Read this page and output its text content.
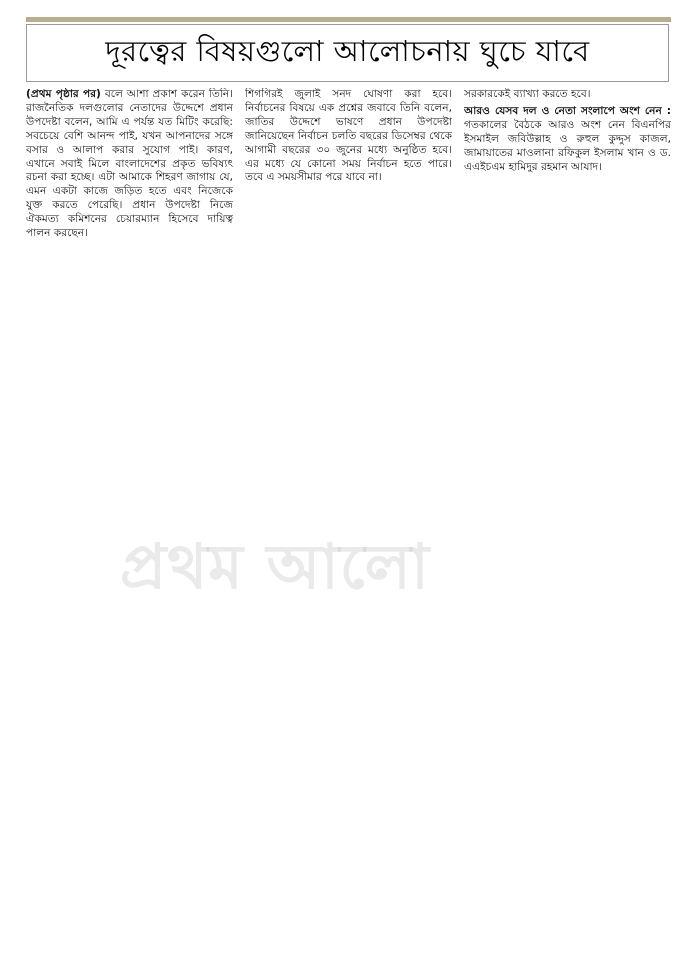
দূরত্বের বিষয়গুলো আলোচনায় ঘুচে যাবে

(প্রথম পৃষ্ঠার পর) বলে আশা প্রকাশ করেন তিনি। রাজনৈতিক দলগুলোর নেতাদের উদ্দেশে প্রধান উপদেষ্টা বলেন, আমি এ পর্যন্ত যত মিটিং করেছি: সবচেয়ে বেশি আনন্দ পাই, যখন আপনাদের সঙ্গে বসার ও আলাপ করার সুযোগ পাই। কারণ, এখানে সবাই মিলে বাংলাদেশের প্রকৃত ভবিষ্যৎ রচনা করা হচ্ছে। এটা আমাকে শিহরণ জাগায় যে, এমন একটা কাজে জড়িত হতে এবং নিজেকে যুক্ত করতে পেরেছি। প্রধান উপদেষ্টা নিজে ঐকমত্য কমিশনের চেয়ারম্যান হিসেবে দায়িত্ব পালন করছেন।

শিগগিরই জুলাই সনদ ঘোষণা করা হবে। নির্বাচনের বিষয়ে এক প্রশ্নের জবাবে তিনি বলেন, জাতির উদ্দেশে ভাষণে প্রধান উপদেষ্টা জানিয়েছেন নির্বাচন চলতি বছরের ডিসেম্বর থেকে আগামী বছরের ৩০ জুনের মধ্যে অনুষ্ঠিত হবে। এর মধ্যে যে কোনো সময় নির্বাচন হতে পারে। তবে এ সময়সীমার পরে যাবে না।

সরকারকেই ব্যাখ্যা করতে হবে।

আরও যেসব দল ও নেতা সংলাপে অংশ নেন : গতকালের বৈঠকে আরও অংশ নেন বিএনপির ইসমাইল জবিউল্লাহ ও রুহুল কুদ্দুস কাজল, জামায়াতের মাওলানা রফিকুল ইসলাম খান ও ড. এএইচএম হামিদুর রহমান আযাদ।

প্রথম আলো
